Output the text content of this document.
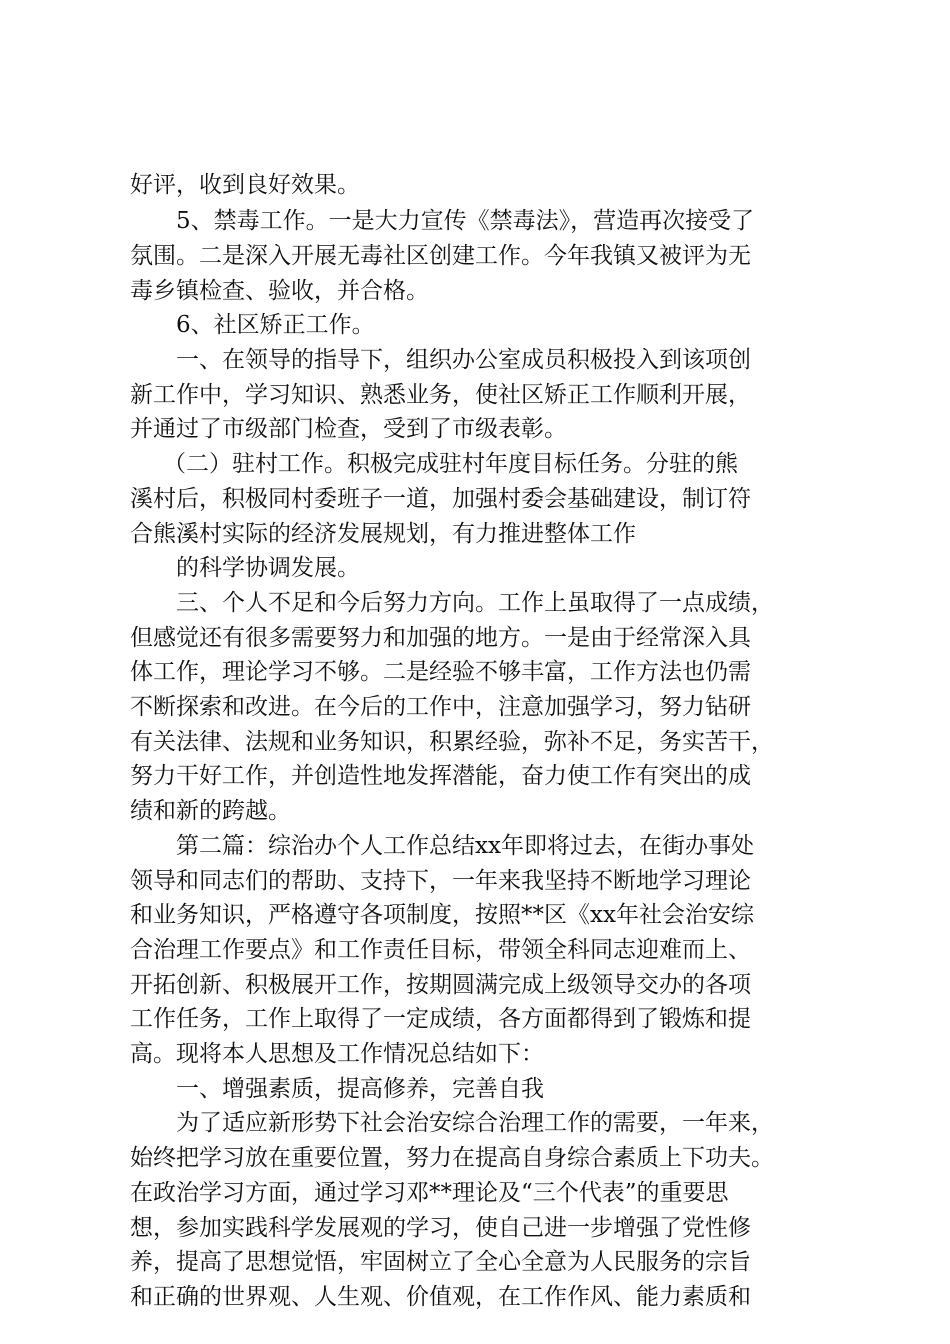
好评，收到良好效果。

5、禁毒工作。一是大力宣传《禁毒法》，营造再次接受了

氛围。二是深入开展无毒社区创建工作。今年我镇又被评为无

毒乡镇检查、验收，并合格。

6、社区矫正工作。

一、在领导的指导下，组织办公室成员积极投入到该项创

新工作中，学习知识、熟悉业务，使社区矫正工作顺利开展，

并通过了市级部门检查，受到了市级表彰。

（二）驻村工作。积极完成驻村年度目标任务。分驻的熊

溪村后，积极同村委班子一道，加强村委会基础建设，制订符

合熊溪村实际的经济发展规划，有力推进整体工作

的科学协调发展。

三、个人不足和今后努力方向。工作上虽取得了一点成绩，

但感觉还有很多需要努力和加强的地方。一是由于经常深入具

体工作，理论学习不够。二是经验不够丰富，工作方法也仍需

不断探索和改进。在今后的工作中，注意加强学习，努力钻研

有关法律、法规和业务知识，积累经验，弥补不足，务实苦干，

努力干好工作，并创造性地发挥潜能，奋力使工作有突出的成

绩和新的跨越。

第二篇：综治办个人工作总结xx年即将过去，在街办事处

领导和同志们的帮助、支持下，一年来我坚持不断地学习理论

和业务知识，严格遵守各项制度，按照**区《xx年社会治安综

合治理工作要点》和工作责任目标，带领全科同志迎难而上、

开拓创新、积极展开工作，按期圆满完成上级领导交办的各项

工作任务，工作上取得了一定成绩，各方面都得到了锻炼和提

高。现将本人思想及工作情况总结如下：

一、增强素质，提高修养，完善自我

为了适应新形势下社会治安综合治理工作的需要，一年来，

始终把学习放在重要位置，努力在提高自身综合素质上下功夫。

在政治学习方面，通过学习邓**理论及“三个代表”的重要思

想，参加实践科学发展观的学习，使自己进一步增强了党性修

养，提高了思想觉悟，牢固树立了全心全意为人民服务的宗旨

和正确的世界观、人生观、价值观，在工作作风、能力素质和
